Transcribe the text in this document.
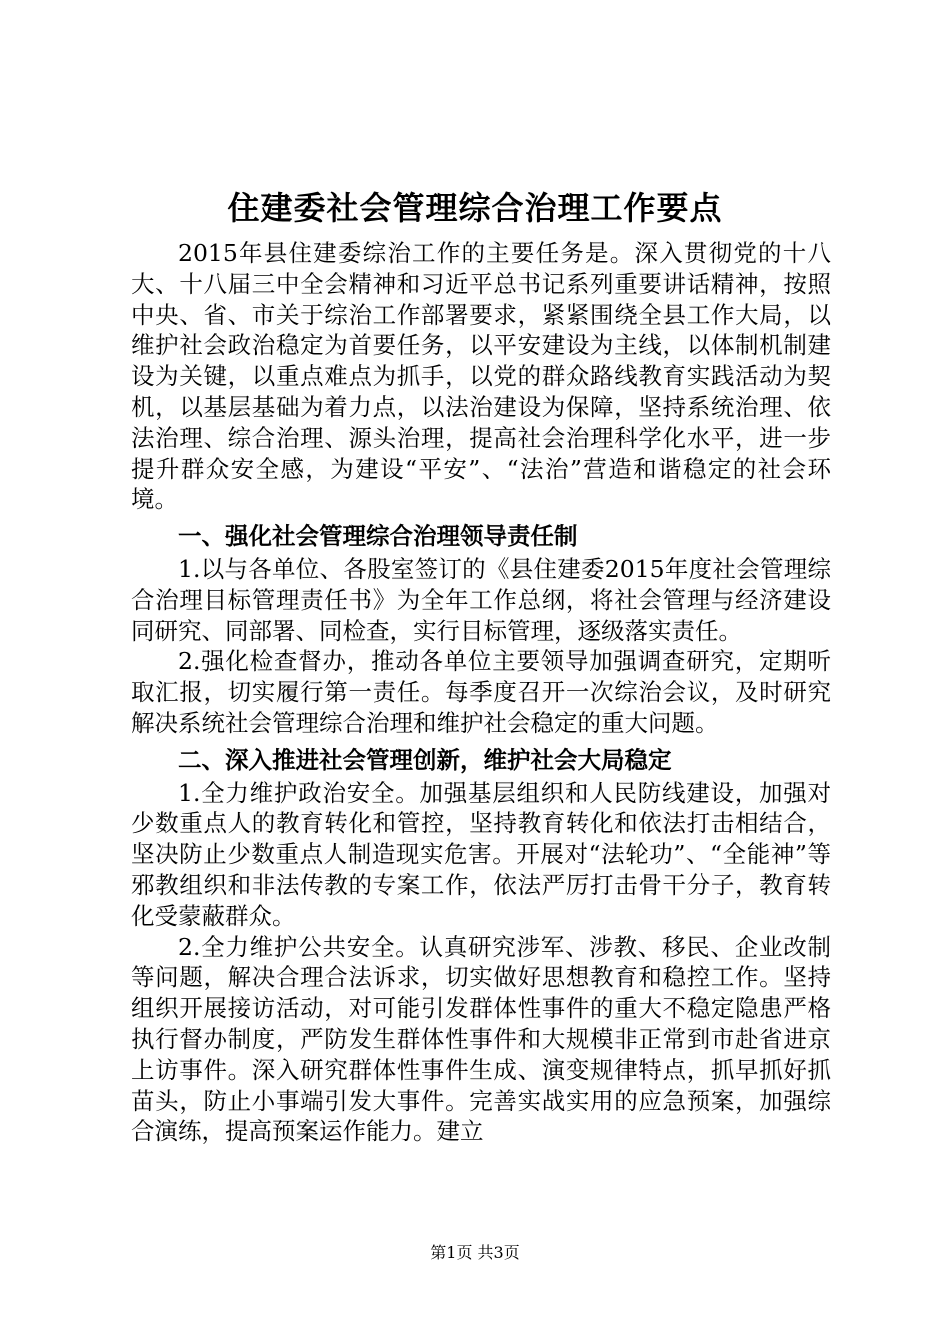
住建委社会管理综合治理工作要点

2015年县住建委综治工作的主要任务是。深入贯彻党的十八大、十八届三中全会精神和习近平总书记系列重要讲话精神，按照中央、省、市关于综治工作部署要求，紧紧围绕全县工作大局，以维护社会政治稳定为首要任务，以平安建设为主线，以体制机制建设为关键，以重点难点为抓手，以党的群众路线教育实践活动为契机，以基层基础为着力点，以法治建设为保障，坚持系统治理、依法治理、综合治理、源头治理，提高社会治理科学化水平，进一步提升群众安全感，为建设“平安”、“法治”营造和谐稳定的社会环境。

一、强化社会管理综合治理领导责任制

1.以与各单位、各股室签订的《县住建委2015年度社会管理综合治理目标管理责任书》为全年工作总纲，将社会管理与经济建设同研究、同部署、同检查，实行目标管理，逐级落实责任。

2.强化检查督办，推动各单位主要领导加强调查研究，定期听取汇报，切实履行第一责任。每季度召开一次综治会议，及时研究解决系统社会管理综合治理和维护社会稳定的重大问题。

二、深入推进社会管理创新，维护社会大局稳定

1.全力维护政治安全。加强基层组织和人民防线建设，加强对少数重点人的教育转化和管控，坚持教育转化和依法打击相结合，坚决防止少数重点人制造现实危害。开展对“法轮功”、“全能神”等邪教组织和非法传教的专案工作，依法严厉打击骨干分子，教育转化受蒙蔽群众。

2.全力维护公共安全。认真研究涉军、涉教、移民、企业改制等问题，解决合理合法诉求，切实做好思想教育和稳控工作。坚持组织开展接访活动，对可能引发群体性事件的重大不稳定隐患严格执行督办制度，严防发生群体性事件和大规模非正常到市赴省进京上访事件。深入研究群体性事件生成、演变规律特点，抓早抓好抓苗头，防止小事端引发大事件。完善实战实用的应急预案，加强综合演练，提高预案运作能力。建立

第1页 共3页
